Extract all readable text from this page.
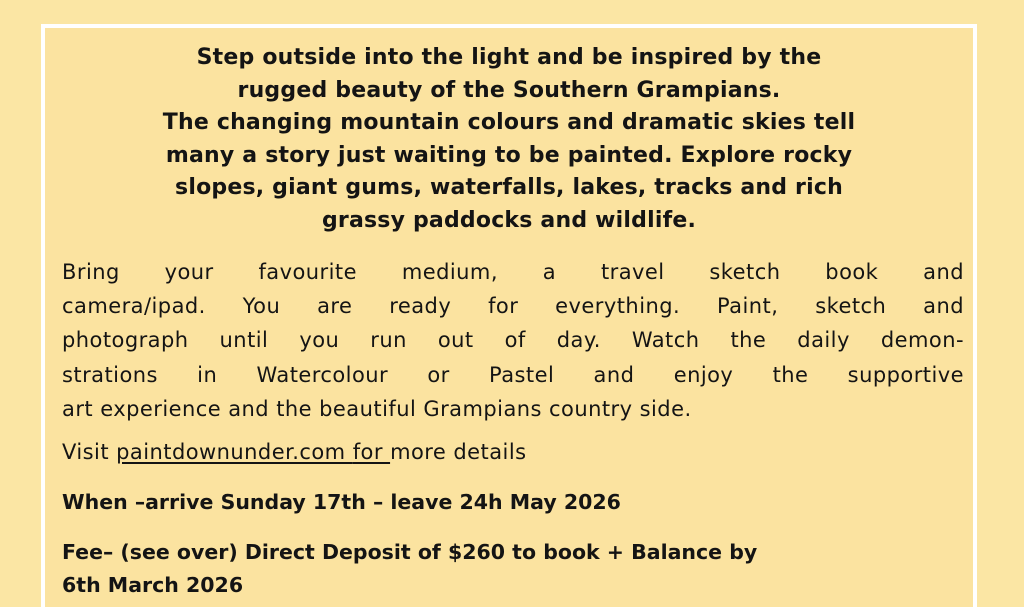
Step outside into the light and be inspired by the
rugged beauty of the Southern Grampians.
The changing mountain colours and dramatic skies tell
many a story just waiting to be painted. Explore rocky
slopes, giant gums, waterfalls, lakes, tracks and rich
grassy paddocks and wildlife.

Bring your favourite medium, a travel sketch book and
camera/ipad. You are ready for everything. Paint, sketch and
photograph until you run out of day. Watch the daily demon-
strations in Watercolour or Pastel and enjoy the supportive
art experience and the beautiful Grampians country side.

Visit paintdownunder.com for more details

When –arrive Sunday 17th – leave 24h May 2026

Fee– (see over) Direct Deposit of $260 to book + Balance by
6th March 2026
